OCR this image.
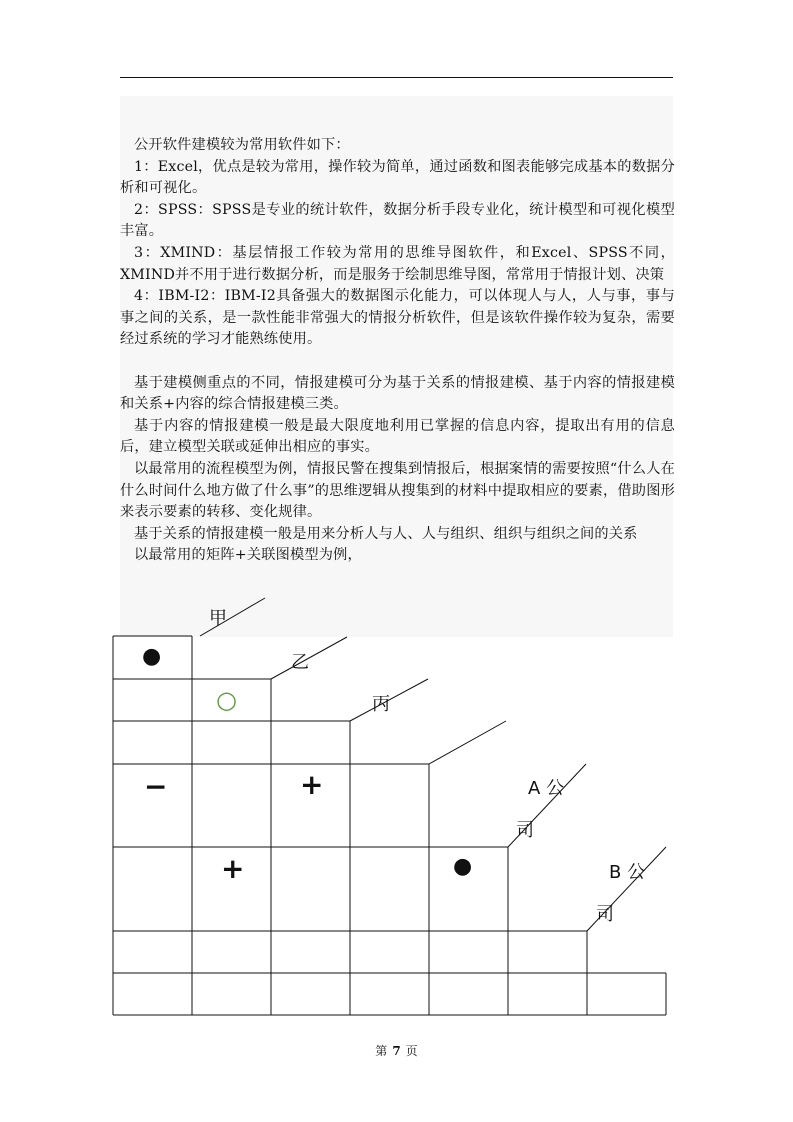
公开软件建模较为常用软件如下：

1：Excel，优点是较为常用，操作较为简单，通过函数和图表能够完成基本的数据分析和可视化。

2：SPSS：SPSS是专业的统计软件，数据分析手段专业化，统计模型和可视化模型丰富。

3：XMIND：基层情报工作较为常用的思维导图软件，和Excel、SPSS不同，XMIND并不用于进行数据分析，而是服务于绘制思维导图，常常用于情报计划、决策

4：IBM-I2：IBM-I2具备强大的数据图示化能力，可以体现人与人，人与事，事与事之间的关系，是一款性能非常强大的情报分析软件，但是该软件操作较为复杂，需要经过系统的学习才能熟练使用。

基于建模侧重点的不同，情报建模可分为基于关系的情报建模、基于内容的情报建模和关系+内容的综合情报建模三类。

基于内容的情报建模一般是最大限度地利用已掌握的信息内容，提取出有用的信息后，建立模型关联或延伸出相应的事实。

以最常用的流程模型为例，情报民警在搜集到情报后，根据案情的需要按照“什么人在什么时间什么地方做了什么事”的思维逻辑从搜集到的材料中提取相应的要素，借助图形来表示要素的转移、变化规律。

基于关系的情报建模一般是用来分析人与人、人与组织、组织与组织之间的关系

以最常用的矩阵+关联图模型为例，

甲
乙
丙
A 公
司
B 公
司
●
○
−	+
+	●
第 7 页
